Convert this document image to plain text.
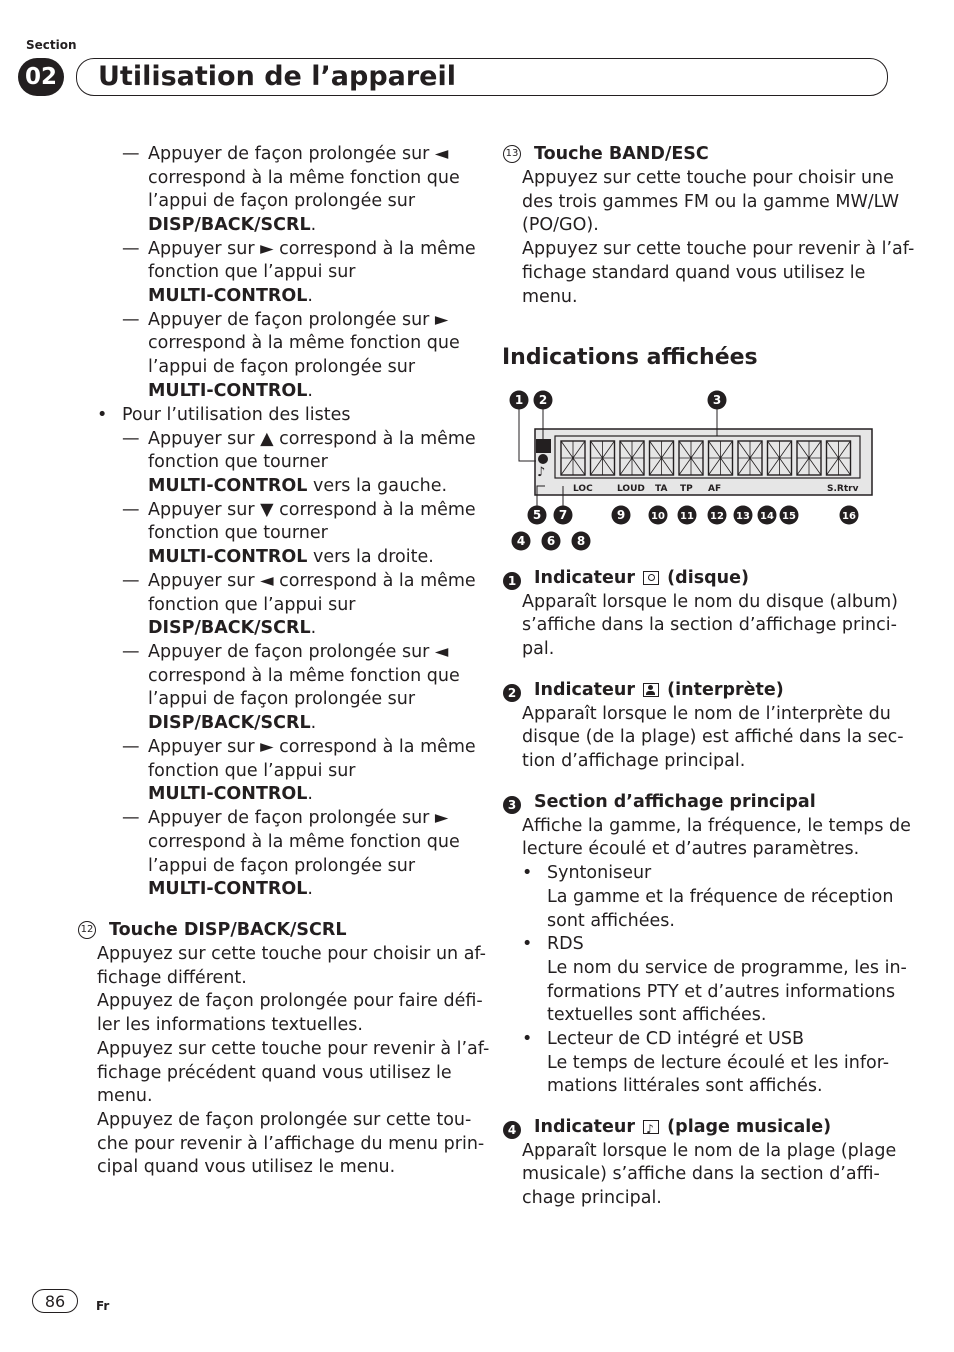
Section
02 Utilisation de l’appareil
— Appuyer de façon prolongée sur ◄
correspond à la même fonction que
l’appui de façon prolongée sur
DISP/BACK/SCRL.
— Appuyer sur ► correspond à la même
fonction que l’appui sur
MULTI-CONTROL.
— Appuyer de façon prolongée sur ►
correspond à la même fonction que
l’appui de façon prolongée sur
MULTI-CONTROL.
• Pour l’utilisation des listes
— Appuyer sur ▲ correspond à la même
fonction que tourner
MULTI-CONTROL vers la gauche.
— Appuyer sur ▼ correspond à la même
fonction que tourner
MULTI-CONTROL vers la droite.
— Appuyer sur ◄ correspond à la même
fonction que l’appui sur
DISP/BACK/SCRL.
— Appuyer de façon prolongée sur ◄
correspond à la même fonction que
l’appui de façon prolongée sur
DISP/BACK/SCRL.
— Appuyer sur ► correspond à la même
fonction que l’appui sur
MULTI-CONTROL.
— Appuyer de façon prolongée sur ►
correspond à la même fonction que
l’appui de façon prolongée sur
MULTI-CONTROL.
12 Touche DISP/BACK/SCRL
Appuyez sur cette touche pour choisir un af-
fichage différent.
Appuyez de façon prolongée pour faire défi-
ler les informations textuelles.
Appuyez sur cette touche pour revenir à l’af-
fichage précédent quand vous utilisez le
menu.
Appuyez de façon prolongée sur cette tou-
che pour revenir à l’affichage du menu prin-
cipal quand vous utilisez le menu.
13 Touche BAND/ESC
Appuyez sur cette touche pour choisir une
des trois gammes FM ou la gamme MW/LW
(PO/GO).
Appuyez sur cette touche pour revenir à l’af-
fichage standard quand vous utilisez le
menu.
Indications affichées
♪
1 2	3
5 7	9	10 11 12 13 14 15	16
4 6 8
LOC	LOUD TA TP AF	S.Rtrv
1 Indicateur
(disque)
Apparaît lorsque le nom du disque (album)
s’affiche dans la section d’affichage princi-
pal.
2 Indicateur
(interprète)
Apparaît lorsque le nom de l’interprète du
disque (de la plage) est affiché dans la sec-
tion d’affichage principal.
3 Section d’affichage principal
Affiche la gamme, la fréquence, le temps de
lecture écoulé et d’autres paramètres.
• Syntoniseur
La gamme et la fréquence de réception
sont affichées.
• RDS
Le nom du service de programme, les in-
formations PTY et d’autres informations
textuelles sont affichées.
• Lecteur de CD intégré et USB
Le temps de lecture écoulé et les infor-
mations littérales sont affichés.
4 Indicateur ♪ (plage musicale)
Apparaît lorsque le nom de la plage (plage
musicale) s’affiche dans la section d’affi-
chage principal.
86	Fr
